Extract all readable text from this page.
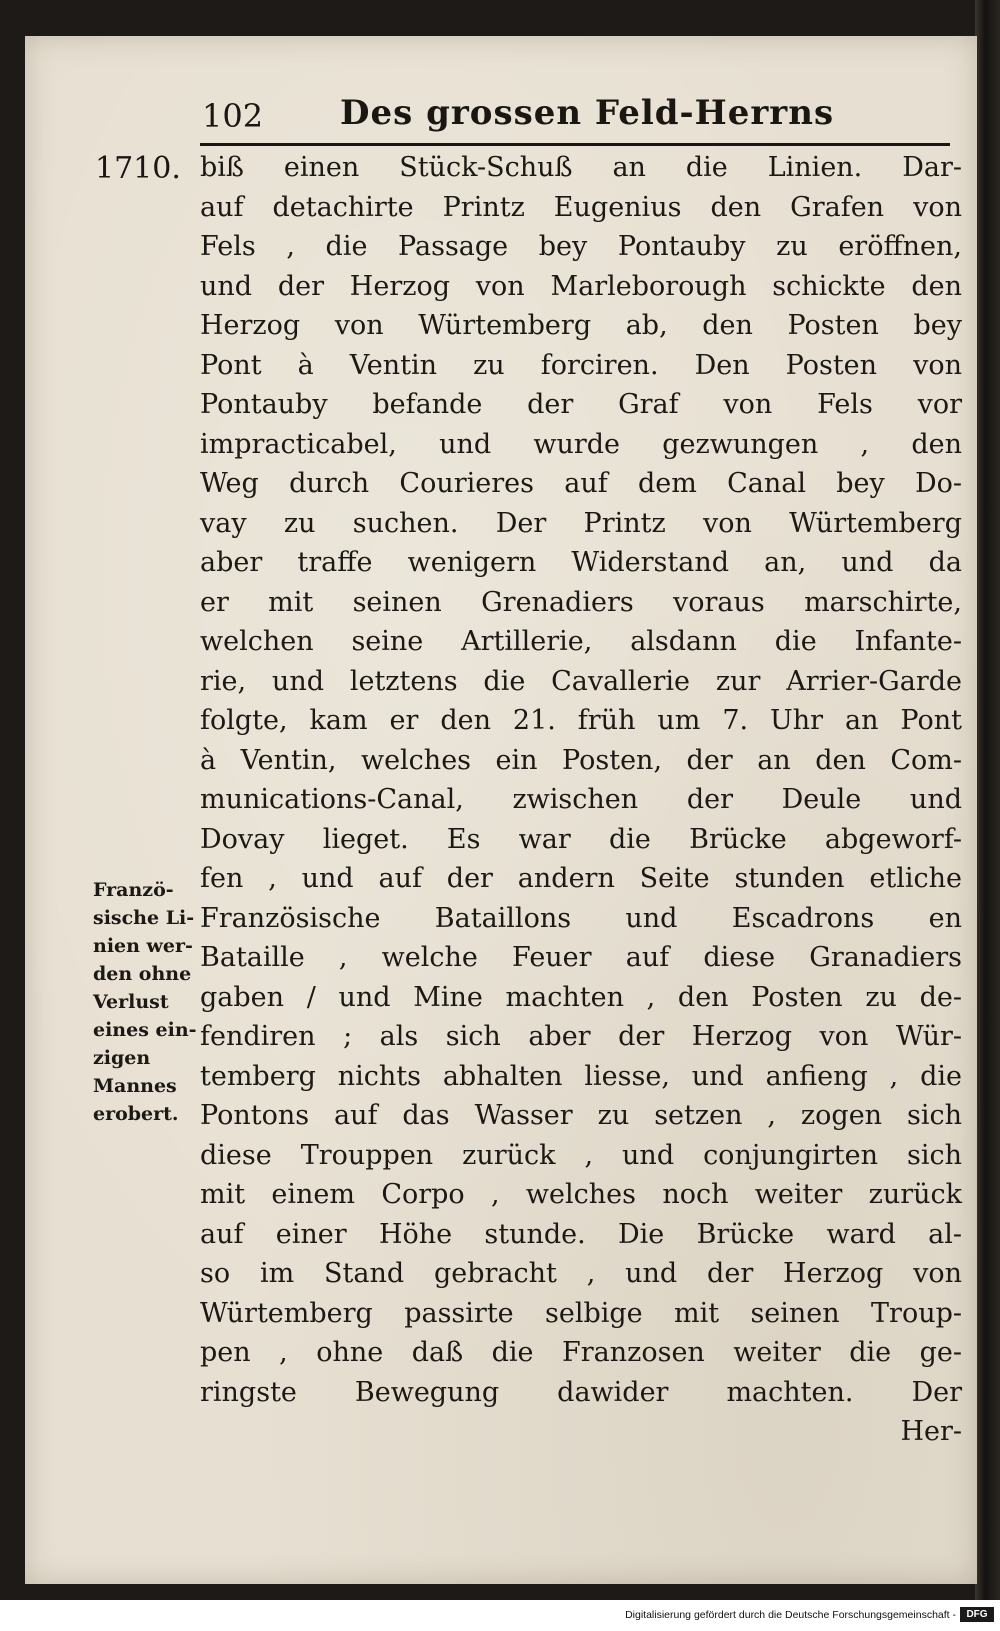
102 Des grossen Feld-Herrns
1710. biß einen Stück-Schuß an die Linien. Dar-
auf detachirte Printz Eugenius den Grafen von
Fels , die Passage bey Pontauby zu eröffnen,
und der Herzog von Marleborough schickte den
Herzog von Würtemberg ab, den Posten bey
Pont à Ventin zu forciren. Den Posten von
Pontauby befande der Graf von Fels vor
impracticabel, und wurde gezwungen , den
Weg durch Courieres auf dem Canal bey Do-
vay zu suchen. Der Printz von Würtemberg
aber traffe wenigern Widerstand an, und da
er mit seinen Grenadiers voraus marschirte,
welchen seine Artillerie, alsdann die Infante-
rie, und letztens die Cavallerie zur Arrier-Garde
folgte, kam er den 21. früh um 7. Uhr an Pont
à Ventin, welches ein Posten, der an den Com-
munications-Canal, zwischen der Deule und
Dovay lieget. Es war die Brücke abgeworf-
fen , und auf der andern Seite stunden etliche
Französische Bataillons und Escadrons en
Bataille , welche Feuer auf diese Granadiers
gaben / und Mine machten , den Posten zu de-
fendiren ; als sich aber der Herzog von Wür-
temberg nichts abhalten liesse, und anfieng , die
Pontons auf das Wasser zu setzen , zogen sich
diese Trouppen zurück , und conjungirten sich
mit einem Corpo , welches noch weiter zurück
auf einer Höhe stunde. Die Brücke ward al-
so im Stand gebracht , und der Herzog von
Würtemberg passirte selbige mit seinen Troup-
pen , ohne daß die Franzosen weiter die ge-
ringste Bewegung dawider machten. Der
Her-
Franzö-
sische Li-
nien wer-
den ohne
Verlust
eines ein-
zigen
Mannes
erobert.
Digitalisierung gefördert durch die Deutsche Forschungsgemeinschaft -	DFG
